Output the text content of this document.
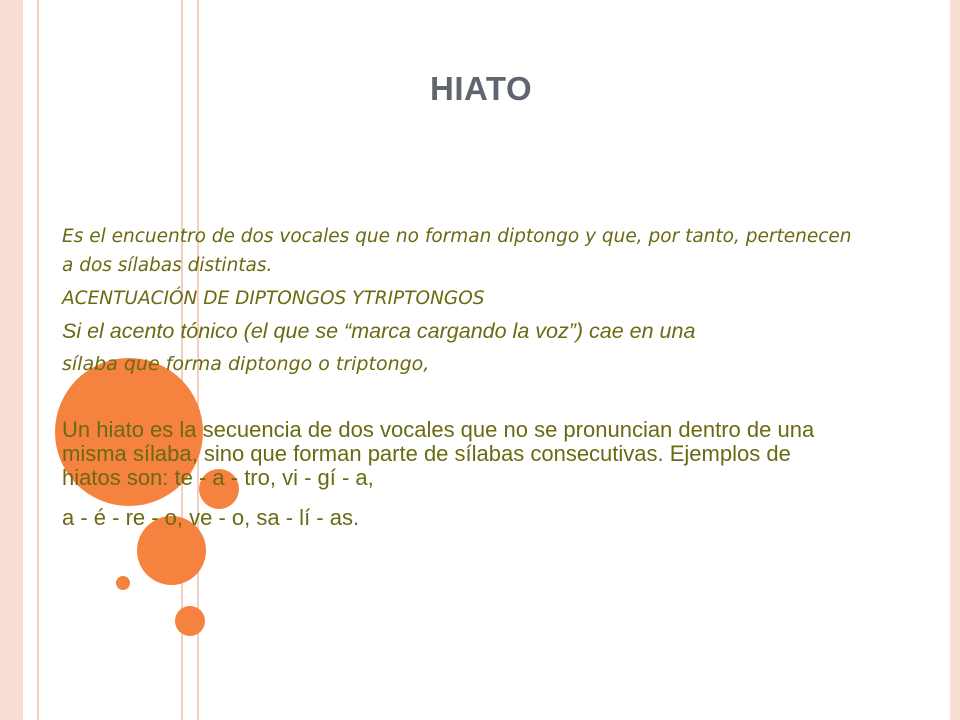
HIATO

Es el encuentro de dos vocales que no forman diptongo y que, por tanto, pertenecen a dos sílabas distintas.

ACENTUACIÓN DE DIPTONGOS YTRIPTONGOS

Si el acento tónico (el que se “marca cargando la voz”) cae en una
sílaba que forma diptongo o triptongo,

Un hiato es la secuencia de dos vocales que no se pronuncian dentro de una misma sílaba, sino que forman parte de sílabas consecutivas. Ejemplos de hiatos son: te - a - tro, vi - gí - a,

a - é - re - o, ve - o, sa - lí - as.
